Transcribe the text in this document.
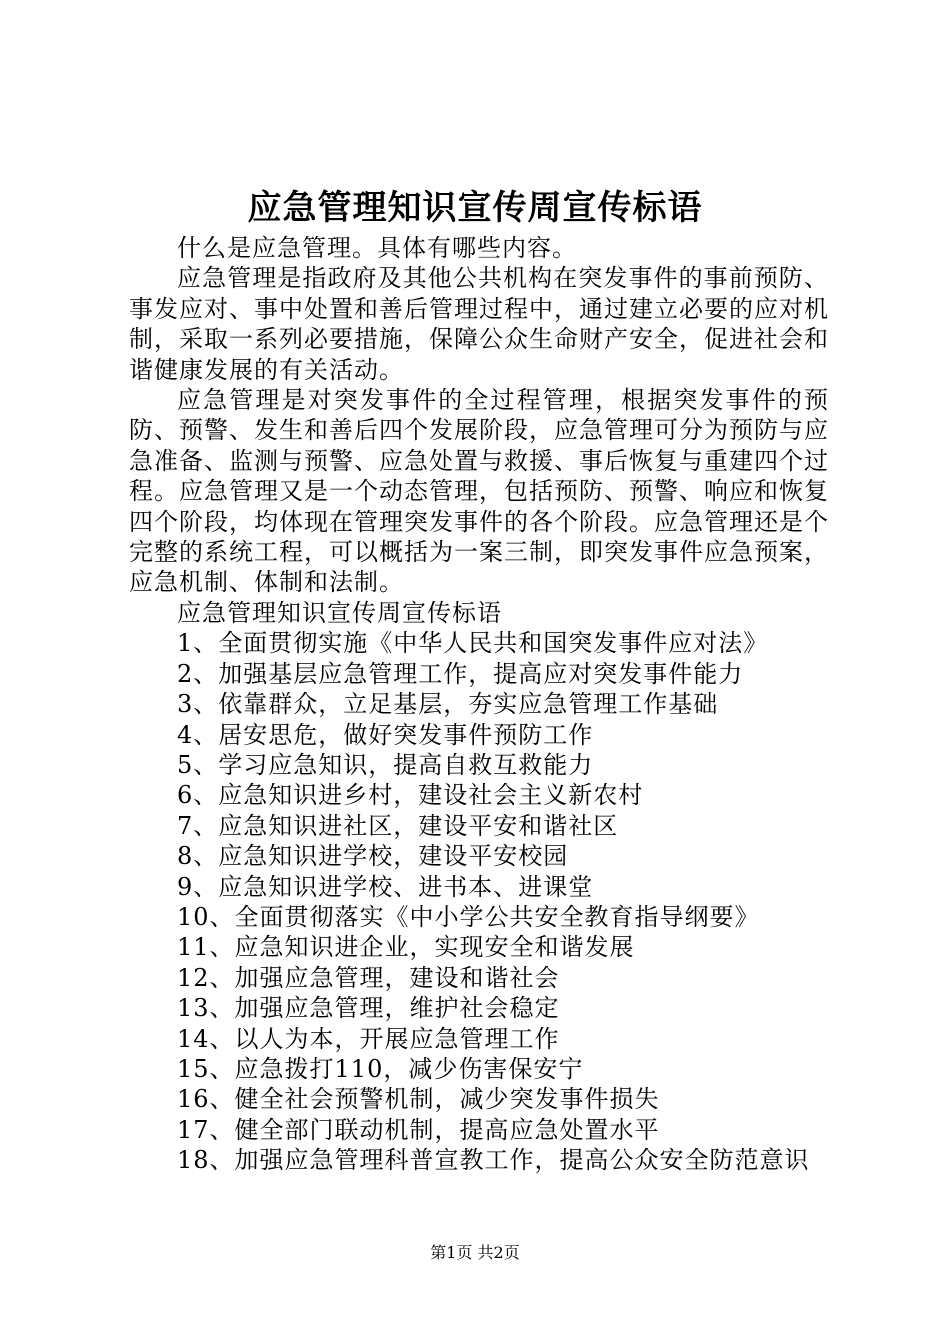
应急管理知识宣传周宣传标语

什么是应急管理。具体有哪些内容。

应急管理是指政府及其他公共机构在突发事件的事前预防、事发应对、事中处置和善后管理过程中，通过建立必要的应对机制，采取一系列必要措施，保障公众生命财产安全，促进社会和谐健康发展的有关活动。

应急管理是对突发事件的全过程管理，根据突发事件的预防、预警、发生和善后四个发展阶段，应急管理可分为预防与应急准备、监测与预警、应急处置与救援、事后恢复与重建四个过程。应急管理又是一个动态管理，包括预防、预警、响应和恢复四个阶段，均体现在管理突发事件的各个阶段。应急管理还是个完整的系统工程，可以概括为一案三制，即突发事件应急预案，应急机制、体制和法制。

应急管理知识宣传周宣传标语

1、全面贯彻实施《中华人民共和国突发事件应对法》

2、加强基层应急管理工作，提高应对突发事件能力

3、依靠群众，立足基层，夯实应急管理工作基础

4、居安思危，做好突发事件预防工作

5、学习应急知识，提高自救互救能力

6、应急知识进乡村，建设社会主义新农村

7、应急知识进社区，建设平安和谐社区

8、应急知识进学校，建设平安校园

9、应急知识进学校、进书本、进课堂

10、全面贯彻落实《中小学公共安全教育指导纲要》

11、应急知识进企业，实现安全和谐发展

12、加强应急管理，建设和谐社会

13、加强应急管理，维护社会稳定

14、以人为本，开展应急管理工作

15、应急拨打110，减少伤害保安宁

16、健全社会预警机制，减少突发事件损失

17、健全部门联动机制，提高应急处置水平

18、加强应急管理科普宣教工作，提高公众安全防范意识

第1页 共2页
